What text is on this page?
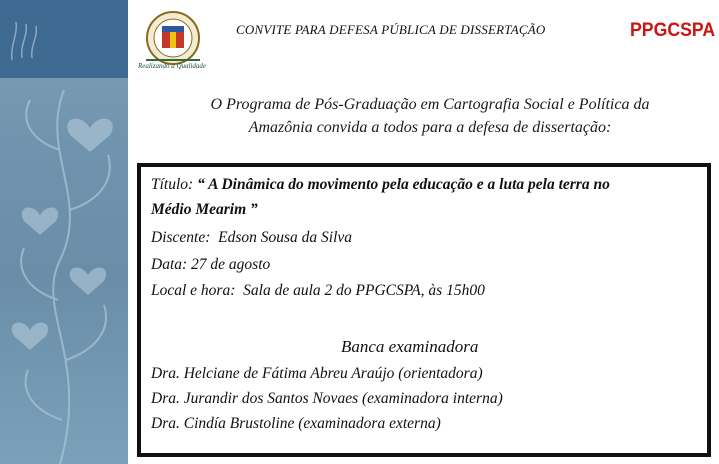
Realizando a Qualidade
CONVITE PARA DEFESA PÚBLICA DE DISSERTAÇÃO	PPGCSPA
O Programa de Pós-Graduação em Cartografia Social e Política da
Amazônia convida a todos para a defesa de dissertação:
Título: “ A Dinâmica do movimento pela educação e a luta pela terra no
Médio Mearim ”
Discente: Edson Sousa da Silva
Data: 27 de agosto
Local e hora: Sala de aula 2 do PPGCSPA, às 15h00
Banca examinadora
Dra. Helciane de Fátima Abreu Araújo (orientadora)
Dra. Jurandir dos Santos Novaes (examinadora interna)
Dra. Cindía Brustoline (examinadora externa)
